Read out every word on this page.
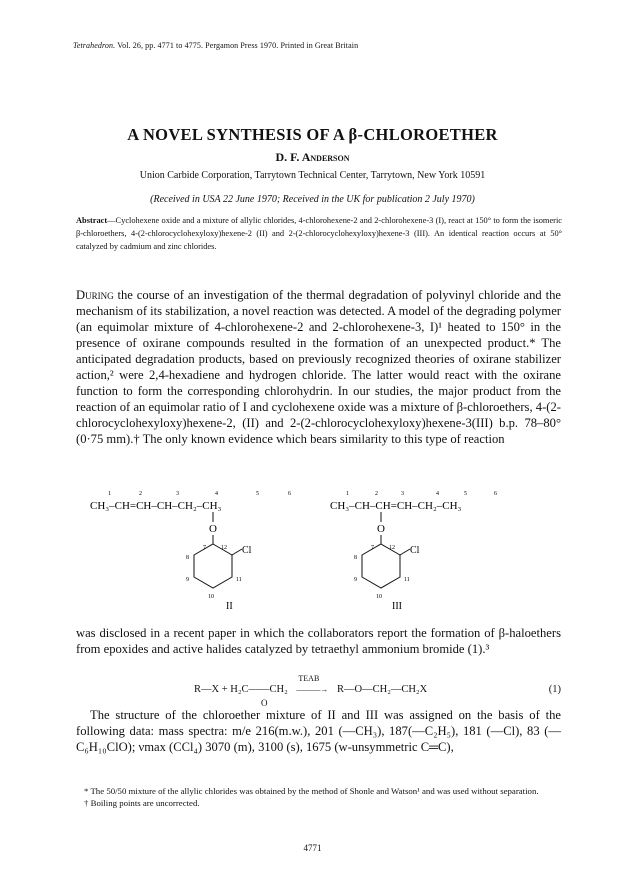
Tetrahedron. Vol. 26, pp. 4771 to 4775. Pergamon Press 1970. Printed in Great Britain
A NOVEL SYNTHESIS OF A β-CHLOROETHER
D. F. Anderson
Union Carbide Corporation, Tarrytown Technical Center, Tarrytown, New York 10591
(Received in USA 22 June 1970; Received in the UK for publication 2 July 1970)
Abstract—Cyclohexene oxide and a mixture of allylic chlorides, 4-chlorohexene-2 and 2-chlorohexene-3 (I), react at 150° to form the isomeric β-chloroethers, 4-(2-chlorocyclohexyloxy)hexene-2 (II) and 2-(2-chlorocyclohexyloxy)hexene-3 (III). An identical reaction occurs at 50° catalyzed by cadmium and zinc chlorides.
During the course of an investigation of the thermal degradation of polyvinyl chloride and the mechanism of its stabilization, a novel reaction was detected. A model of the degrading polymer (an equimolar mixture of 4-chlorohexene-2 and 2-chlorohexene-3, I)¹ heated to 150° in the presence of oxirane compounds resulted in the formation of an unexpected product.* The anticipated degradation products, based on previously recognized theories of oxirane stabilizer action,² were 2,4-hexadiene and hydrogen chloride. The latter would react with the oxirane function to form the corresponding chlorohydrin. In our studies, the major product from the reaction of an equimolar ratio of I and cyclohexene oxide was a mixture of β-chloroethers, 4-(2-chlorocyclohexyloxy)hexene-2, (II) and 2-(2-chlorocyclohexyloxy)hexene-3(III) b.p. 78–80° (0·75 mm).† The only known evidence which bears similarity to this type of reaction
1	2	3	4	5	6
CH₃–CH=CH–CH–CH₂–CH₃
O
Cl
7	12
8
9
10
11
II
1	2	3	4	5	6
CH₃–CH–CH=CH–CH₂–CH₃
O
Cl
7	12
8
9
10
11
III
was disclosed in a recent paper in which the collaborators report the formation of β-haloethers from epoxides and active halides catalyzed by tetraethyl ammonium bromide (1).³
R—X + H₂C——CH₂
TEAB
———→ R—O—CH₂—CH₂X
O
(1)
The structure of the chloroether mixture of II and III was assigned on the basis of the following data: mass spectra: m/e 216(m.w.), 201 (—CH₃), 187(—C₂H₅), 181 (—Cl), 83 (—C₆H₁₀ClO); νmax (CCl₄) 3070 (m), 3100 (s), 1675 (w-unsymmetric C═C),
* The 50/50 mixture of the allylic chlorides was obtained by the method of Shonle and Watson¹ and was used without separation.
† Boiling points are uncorrected.
4771
